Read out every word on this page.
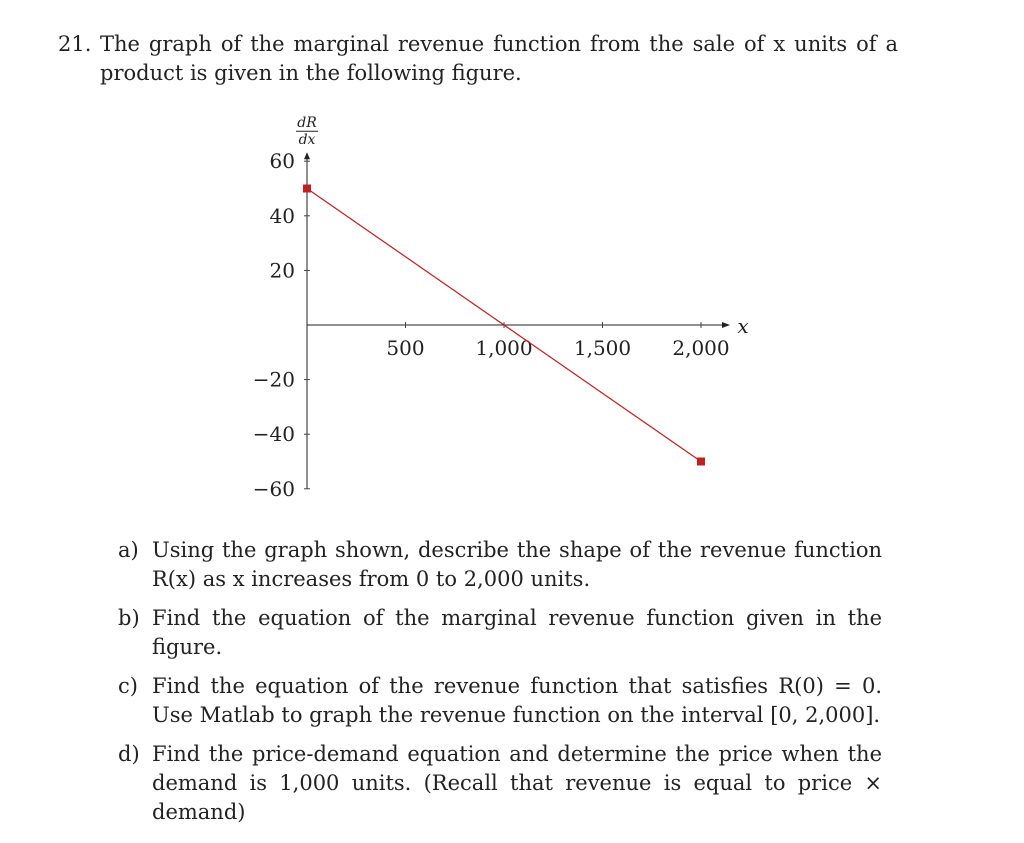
21. The graph of the marginal revenue function from the sale of x units of a product is given in the following figure.
500	1,000 1,500 2,000
60
40
20
−20
−40
−60
x
dR
dx
a) Using the graph shown, describe the shape of the revenue function R(x) as x increases from 0 to 2,000 units.
b) Find the equation of the marginal revenue function given in the figure.
c) Find the equation of the revenue function that satisfies R(0) = 0. Use Matlab to graph the revenue function on the interval [0, 2,000].
d) Find the price-demand equation and determine the price when the demand is 1,000 units. (Recall that revenue is equal to price × demand)
